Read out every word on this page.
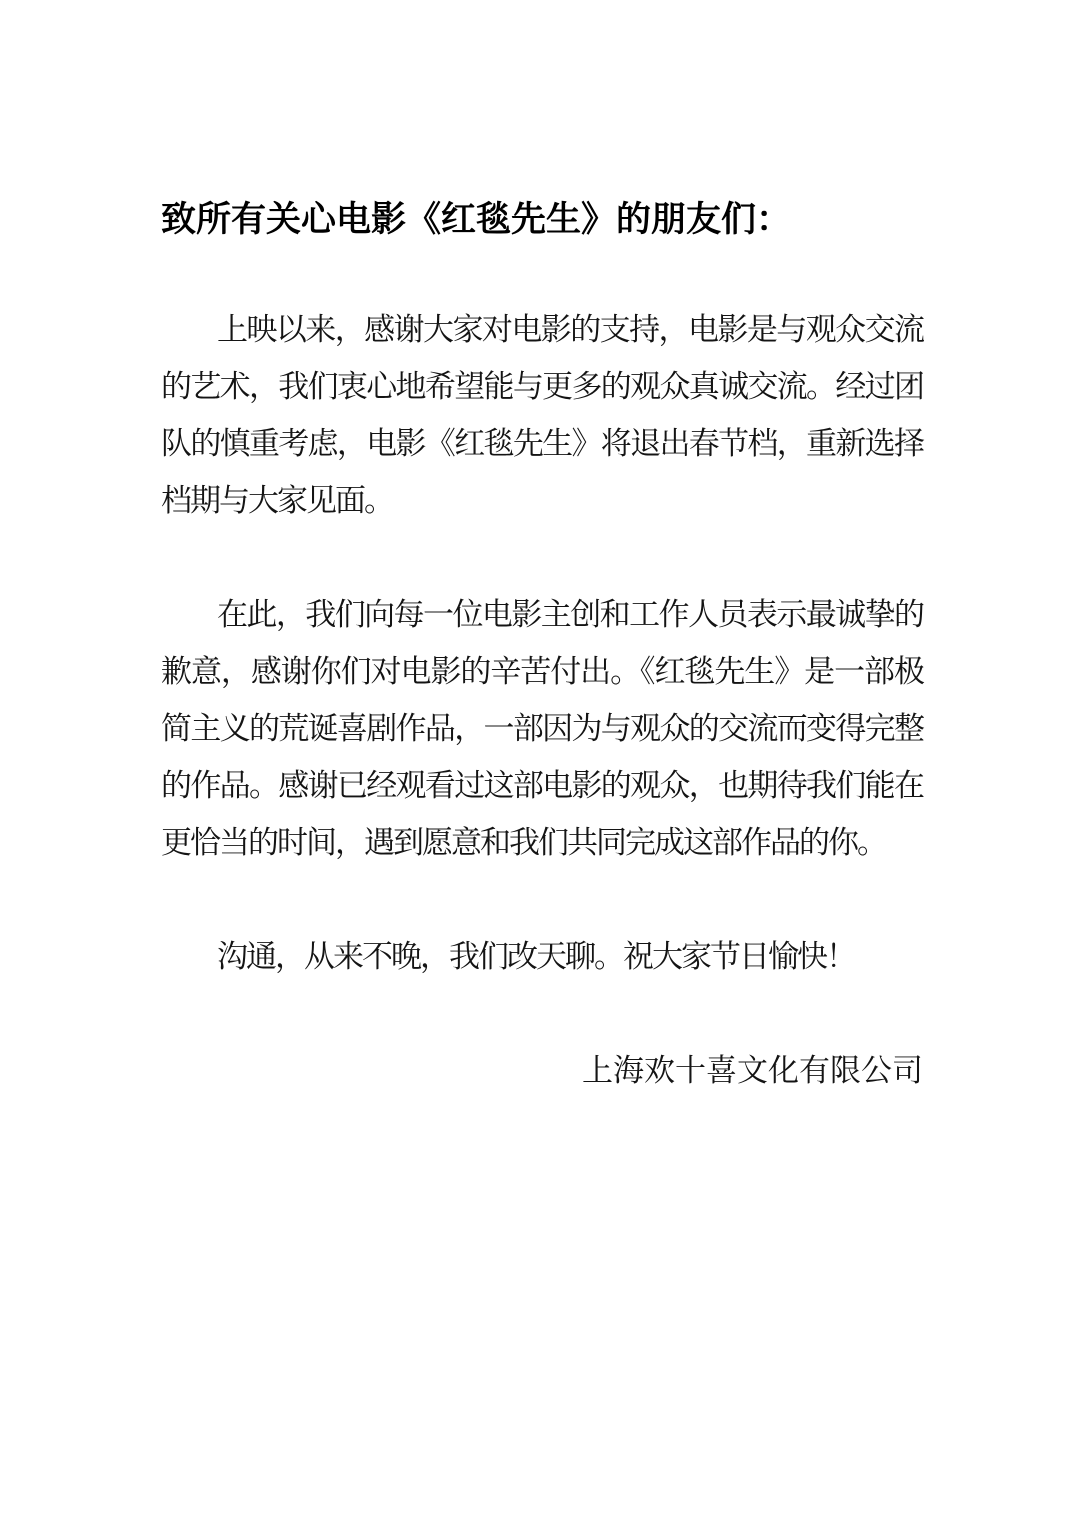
致所有关心电影《红毯先生》的朋友们：

上映以来，感谢大家对电影的支持，电影是与观众交流的艺术，我们衷心地希望能与更多的观众真诚交流。经过团队的慎重考虑，电影《红毯先生》将退出春节档，重新选择档期与大家见面。

在此，我们向每一位电影主创和工作人员表示最诚挚的歉意，感谢你们对电影的辛苦付出。《红毯先生》是一部极简主义的荒诞喜剧作品，一部因为与观众的交流而变得完整的作品。感谢已经观看过这部电影的观众，也期待我们能在更恰当的时间，遇到愿意和我们共同完成这部作品的你。

沟通，从来不晚，我们改天聊。祝大家节日愉快！

上海欢十喜文化有限公司
